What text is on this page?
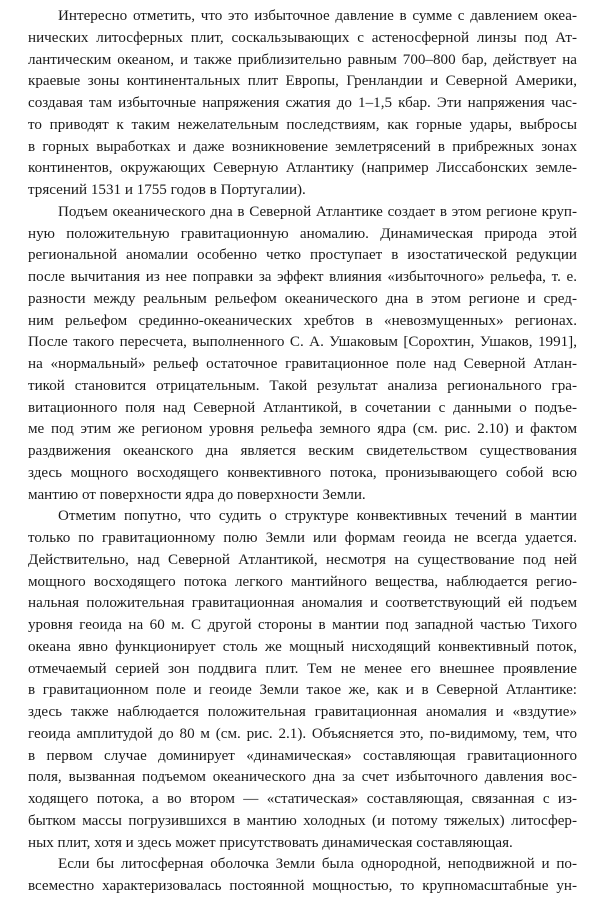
Интересно отметить, что это избыточное давление в сумме с давлением океа-
нических литосферных плит, соскальзывающих с астеносферной линзы под Ат-
лантическим океаном, и также приблизительно равным 700–800 бар, действует на
краевые зоны континентальных плит Европы, Гренландии и Северной Америки,
создавая там избыточные напряжения сжатия до 1–1,5 кбар. Эти напряжения час-
то приводят к таким нежелательным последствиям, как горные удары, выбросы
в горных выработках и даже возникновение землетрясений в прибрежных зонах
континентов, окружающих Северную Атлантику (например Лиссабонских земле-
трясений 1531 и 1755 годов в Португалии).
Подъем океанического дна в Северной Атлантике создает в этом регионе круп-
ную положительную гравитационную аномалию. Динамическая природа этой
региональной аномалии особенно четко проступает в изостатической редукции
после вычитания из нее поправки за эффект влияния «избыточного» рельефа, т. е.
разности между реальным рельефом океанического дна в этом регионе и сред-
ним рельефом срединно-океанических хребтов в «невозмущенных» регионах.
После такого пересчета, выполненного С. А. Ушаковым [Сорохтин, Ушаков, 1991],
на «нормальный» рельеф остаточное гравитационное поле над Северной Атлан-
тикой становится отрицательным. Такой результат анализа регионального гра-
витационного поля над Северной Атлантикой, в сочетании с данными о подъе-
ме под этим же регионом уровня рельефа земного ядра (см. рис. 2.10) и фактом
раздвижения океанского дна является веским свидетельством существования
здесь мощного восходящего конвективного потока, пронизывающего собой всю
мантию от поверхности ядра до поверхности Земли.
Отметим попутно, что судить о структуре конвективных течений в мантии
только по гравитационному полю Земли или формам геоида не всегда удается.
Действительно, над Северной Атлантикой, несмотря на существование под ней
мощного восходящего потока легкого мантийного вещества, наблюдается регио-
нальная положительная гравитационная аномалия и соответствующий ей подъем
уровня геоида на 60 м. С другой стороны в мантии под западной частью Тихого
океана явно функционирует столь же мощный нисходящий конвективный поток,
отмечаемый серией зон поддвига плит. Тем не менее его внешнее проявление
в гравитационном поле и геоиде Земли такое же, как и в Северной Атлантике:
здесь также наблюдается положительная гравитационная аномалия и «вздутие»
геоида амплитудой до 80 м (см. рис. 2.1). Объясняется это, по-видимому, тем, что
в первом случае доминирует «динамическая» составляющая гравитационного
поля, вызванная подъемом океанического дна за счет избыточного давления вос-
ходящего потока, а во втором — «статическая» составляющая, связанная с из-
бытком массы погрузившихся в мантию холодных (и потому тяжелых) литосфер-
ных плит, хотя и здесь может присутствовать динамическая составляющая.
Если бы литосферная оболочка Земли была однородной, неподвижной и по-
всеместно характеризовалась постоянной мощностью, то крупномасштабные ун-
